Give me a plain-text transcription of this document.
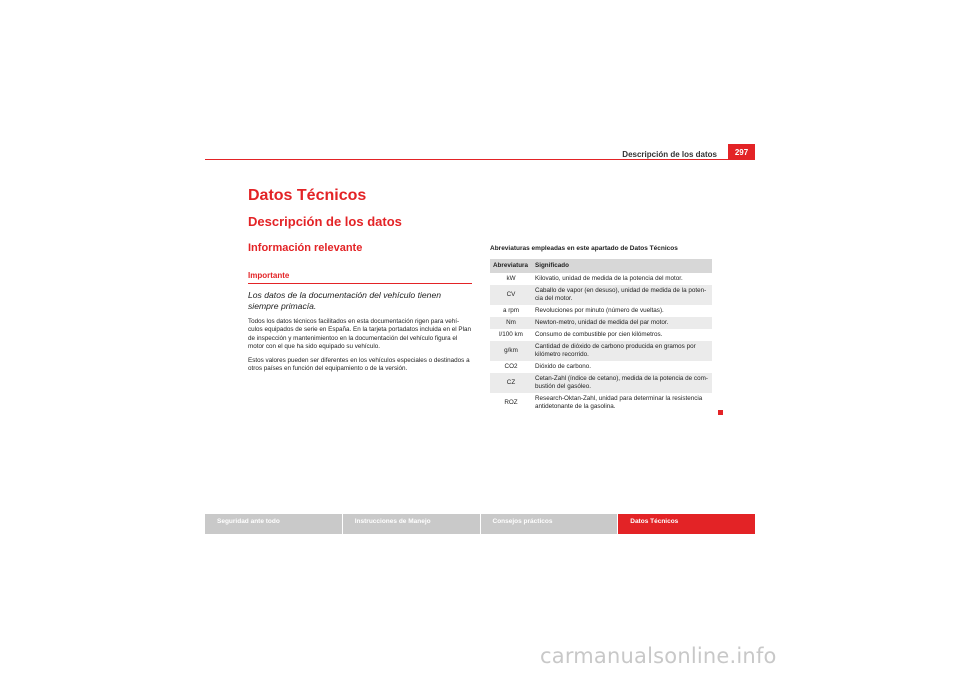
Descripción de los datos	297
Datos Técnicos
Descripción de los datos
Información relevante
Importante

Los datos de la documentación del vehículo tienen siempre primacía.

Todos los datos técnicos facilitados en esta documentación rigen para vehí-culos equipados de serie en España. En la tarjeta portadatos incluida en el Plan de inspección y mantenimientoo en la documentación del vehículo figura el motor con el que ha sido equipado su vehículo.

Estos valores pueden ser diferentes en los vehículos especiales o destinados a otros países en función del equipamiento o de la versión.

Abreviaturas empleadas en este apartado de Datos Técnicos
Abreviatura	Significado
kW	Kilovatio, unidad de medida de la potencia del motor.
CV	Caballo de vapor (en desuso), unidad de medida de la poten-cia del motor.
a rpm	Revoluciones por minuto (número de vueltas).
Nm	Newton-metro, unidad de medida del par motor.
l/100 km	Consumo de combustible por cien kilómetros.
g/km	Cantidad de dióxido de carbono producida en gramos por kilómetro recorrido.
CO2	Dióxido de carbono.
CZ	Cetan-Zahl (índice de cetano), medida de la potencia de com-bustión del gasóleo.
ROZ	Research-Oktan-Zahl, unidad para determinar la resistencia antidetonante de la gasolina.
Seguridad ante todo	Instrucciones de Manejo	Consejos prácticos	Datos Técnicos
carmanualsonline.info
